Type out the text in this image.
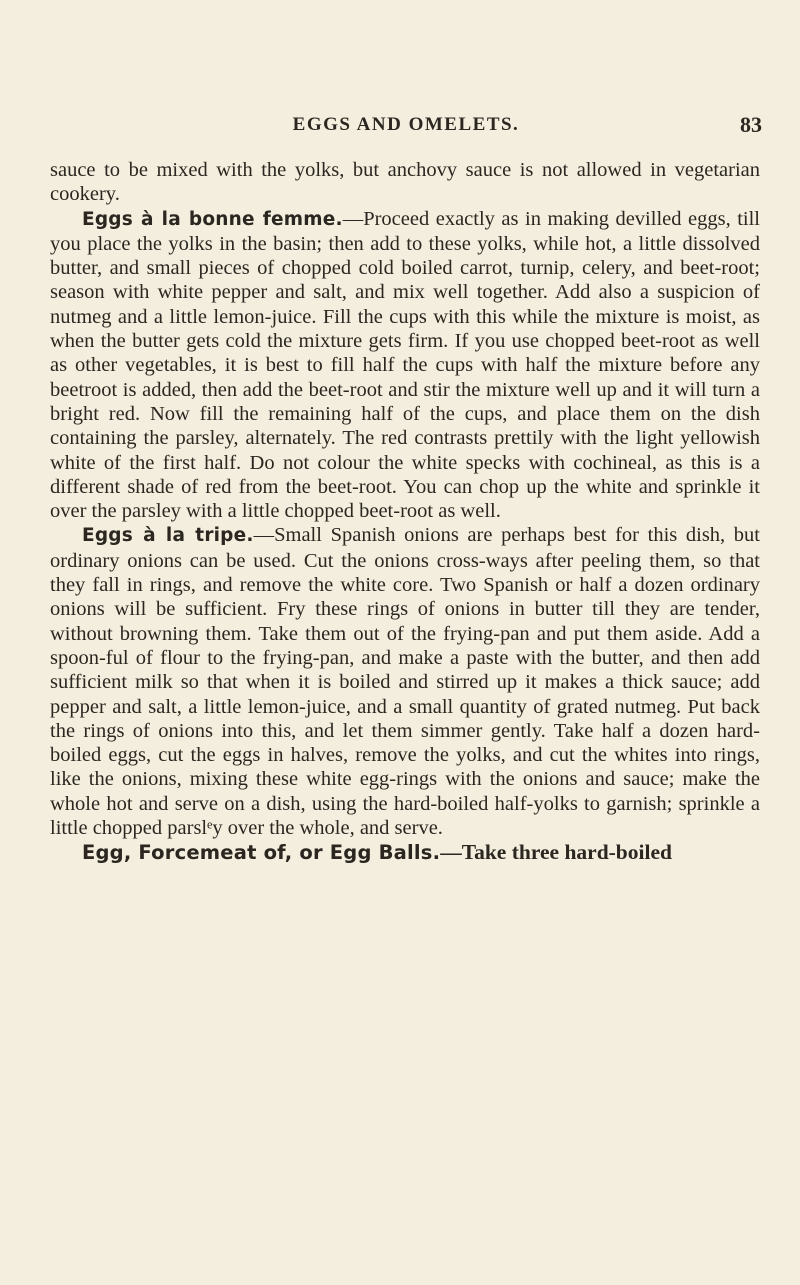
EGGS AND OMELETS.	83

sauce to be mixed with the yolks, but anchovy sauce is not allowed in vegetarian cookery.

Eggs à la bonne femme.—Proceed exactly as in making devilled eggs, till you place the yolks in the basin; then add to these yolks, while hot, a little dissolved butter, and small pieces of chopped cold boiled carrot, turnip, celery, and beet-root; season with white pepper and salt, and mix well together. Add also a suspicion of nutmeg and a little lemon-juice. Fill the cups with this while the mixture is moist, as when the butter gets cold the mixture gets firm. If you use chopped beet-root as well as other vegetables, it is best to fill half the cups with half the mixture before any beetroot is added, then add the beet-root and stir the mixture well up and it will turn a bright red. Now fill the remaining half of the cups, and place them on the dish containing the parsley, alternately. The red contrasts prettily with the light yellowish white of the first half. Do not colour the white specks with cochineal, as this is a different shade of red from the beet-root. You can chop up the white and sprinkle it over the parsley with a little chopped beet-root as well.

Eggs à la tripe.—Small Spanish onions are perhaps best for this dish, but ordinary onions can be used. Cut the onions cross-ways after peeling them, so that they fall in rings, and remove the white core. Two Spanish or half a dozen ordinary onions will be sufficient. Fry these rings of onions in butter till they are tender, without browning them. Take them out of the frying-pan and put them aside. Add a spoon-ful of flour to the frying-pan, and make a paste with the butter, and then add sufficient milk so that when it is boiled and stirred up it makes a thick sauce; add pepper and salt, a little lemon-juice, and a small quantity of grated nutmeg. Put back the rings of onions into this, and let them simmer gently. Take half a dozen hard-boiled eggs, cut the eggs in halves, remove the yolks, and cut the whites into rings, like the onions, mixing these white egg-rings with the onions and sauce; make the whole hot and serve on a dish, using the hard-boiled half-yolks to garnish; sprinkle a little chopped parslᵉy over the whole, and serve.

Egg, Forcemeat of, or Egg Balls.—Take three hard-boiled
